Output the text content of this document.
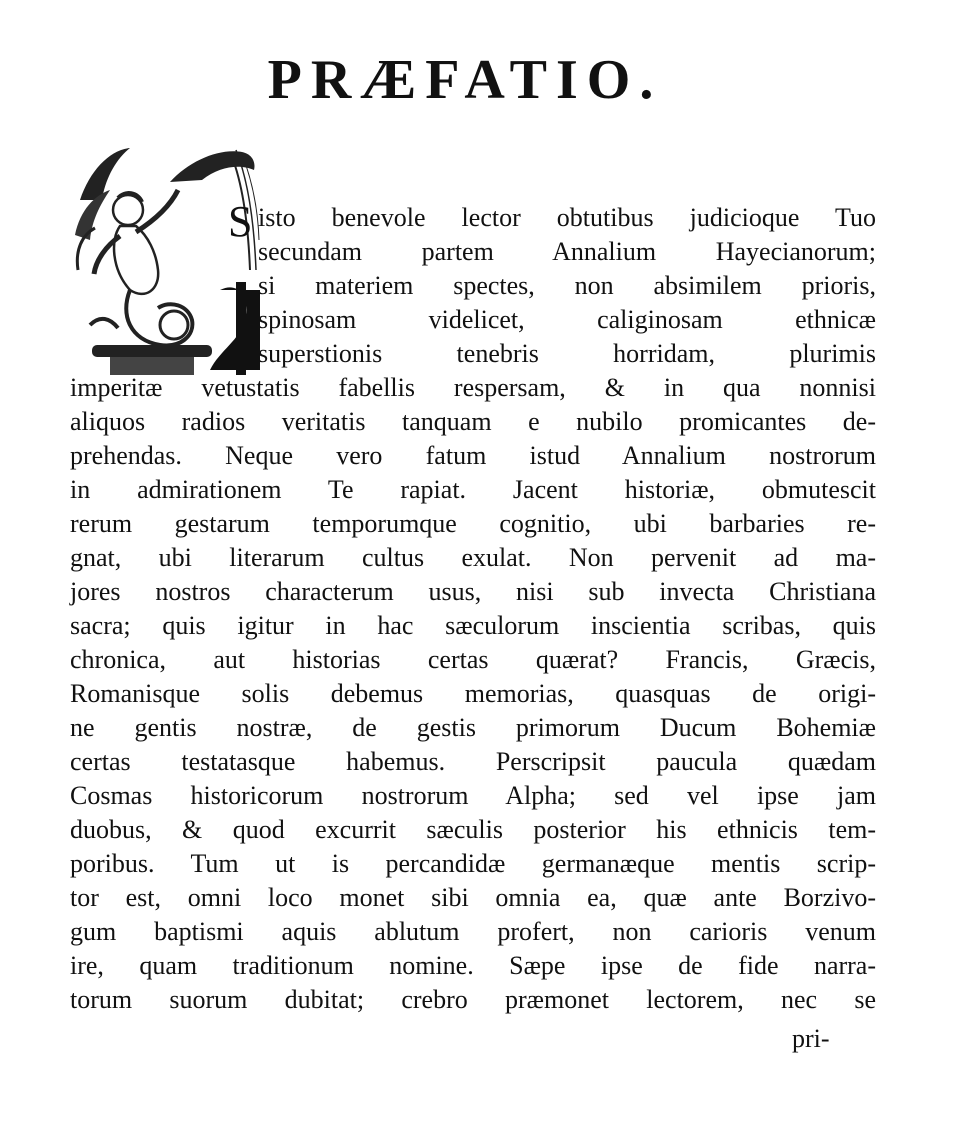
PRÆFATIO.
S isto benevole lector obtutibus judicioque Tuo
secundam partem Annalium Hayecianorum;
si materiem spectes, non absimilem prioris,
spinosam videlicet, caliginosam ethnicæ
superstionis tenebris horridam, plurimis
imperitæ vetustatis fabellis respersam, & in qua nonnisi
aliquos radios veritatis tanquam e nubilo promicantes de-
prehendas. Neque vero fatum istud Annalium nostrorum
in admirationem Te rapiat. Jacent historiæ, obmutescit
rerum gestarum temporumque cognitio, ubi barbaries re-
gnat, ubi literarum cultus exulat. Non pervenit ad ma-
jores nostros characterum usus, nisi sub invecta Christiana
sacra; quis igitur in hac sæculorum inscientia scribas, quis
chronica, aut historias certas quærat? Francis, Græcis,
Romanisque solis debemus memorias, quasquas de origi-
ne gentis nostræ, de gestis primorum Ducum Bohemiæ
certas testatasque habemus. Perscripsit paucula quædam
Cosmas historicorum nostrorum Alpha; sed vel ipse jam
duobus, & quod excurrit sæculis posterior his ethnicis tem-
poribus. Tum ut is percandidæ germanæque mentis scrip-
tor est, omni loco monet sibi omnia ea, quæ ante Borzivo-
gum baptismi aquis ablutum profert, non carioris venum
ire, quam traditionum nomine. Sæpe ipse de fide narra-
torum suorum dubitat; crebro præmonet lectorem, nec se
pri-
